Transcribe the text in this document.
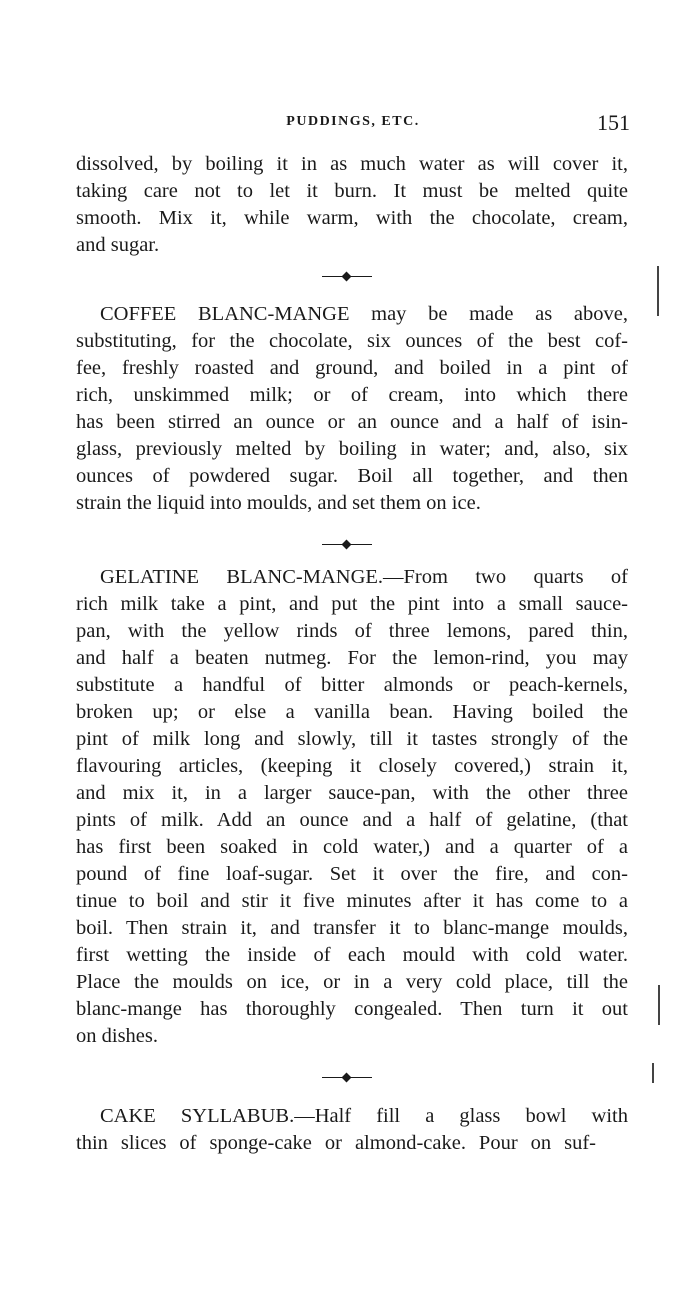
PUDDINGS, ETC.	151
dissolved, by boiling it in as much water as will cover it,
taking care not to let it burn. It must be melted quite
smooth. Mix it, while warm, with the chocolate, cream,
and sugar.
COFFEE BLANC-MANGE may be made as above,
substituting, for the chocolate, six ounces of the best cof-
fee, freshly roasted and ground, and boiled in a pint of
rich, unskimmed milk; or of cream, into which there
has been stirred an ounce or an ounce and a half of isin-
glass, previously melted by boiling in water; and, also, six
ounces of powdered sugar. Boil all together, and then
strain the liquid into moulds, and set them on ice.
GELATINE BLANC-MANGE.—From two quarts of
rich milk take a pint, and put the pint into a small sauce-
pan, with the yellow rinds of three lemons, pared thin,
and half a beaten nutmeg. For the lemon-rind, you may
substitute a handful of bitter almonds or peach-kernels,
broken up; or else a vanilla bean. Having boiled the
pint of milk long and slowly, till it tastes strongly of the
flavouring articles, (keeping it closely covered,) strain it,
and mix it, in a larger sauce-pan, with the other three
pints of milk. Add an ounce and a half of gelatine, (that
has first been soaked in cold water,) and a quarter of a
pound of fine loaf-sugar. Set it over the fire, and con-
tinue to boil and stir it five minutes after it has come to a
boil. Then strain it, and transfer it to blanc-mange moulds,
first wetting the inside of each mould with cold water.
Place the moulds on ice, or in a very cold place, till the
blanc-mange has thoroughly congealed. Then turn it out
on dishes.
CAKE SYLLABUB.—Half fill a glass bowl with
thin slices of sponge-cake or almond-cake. Pour on suf-
